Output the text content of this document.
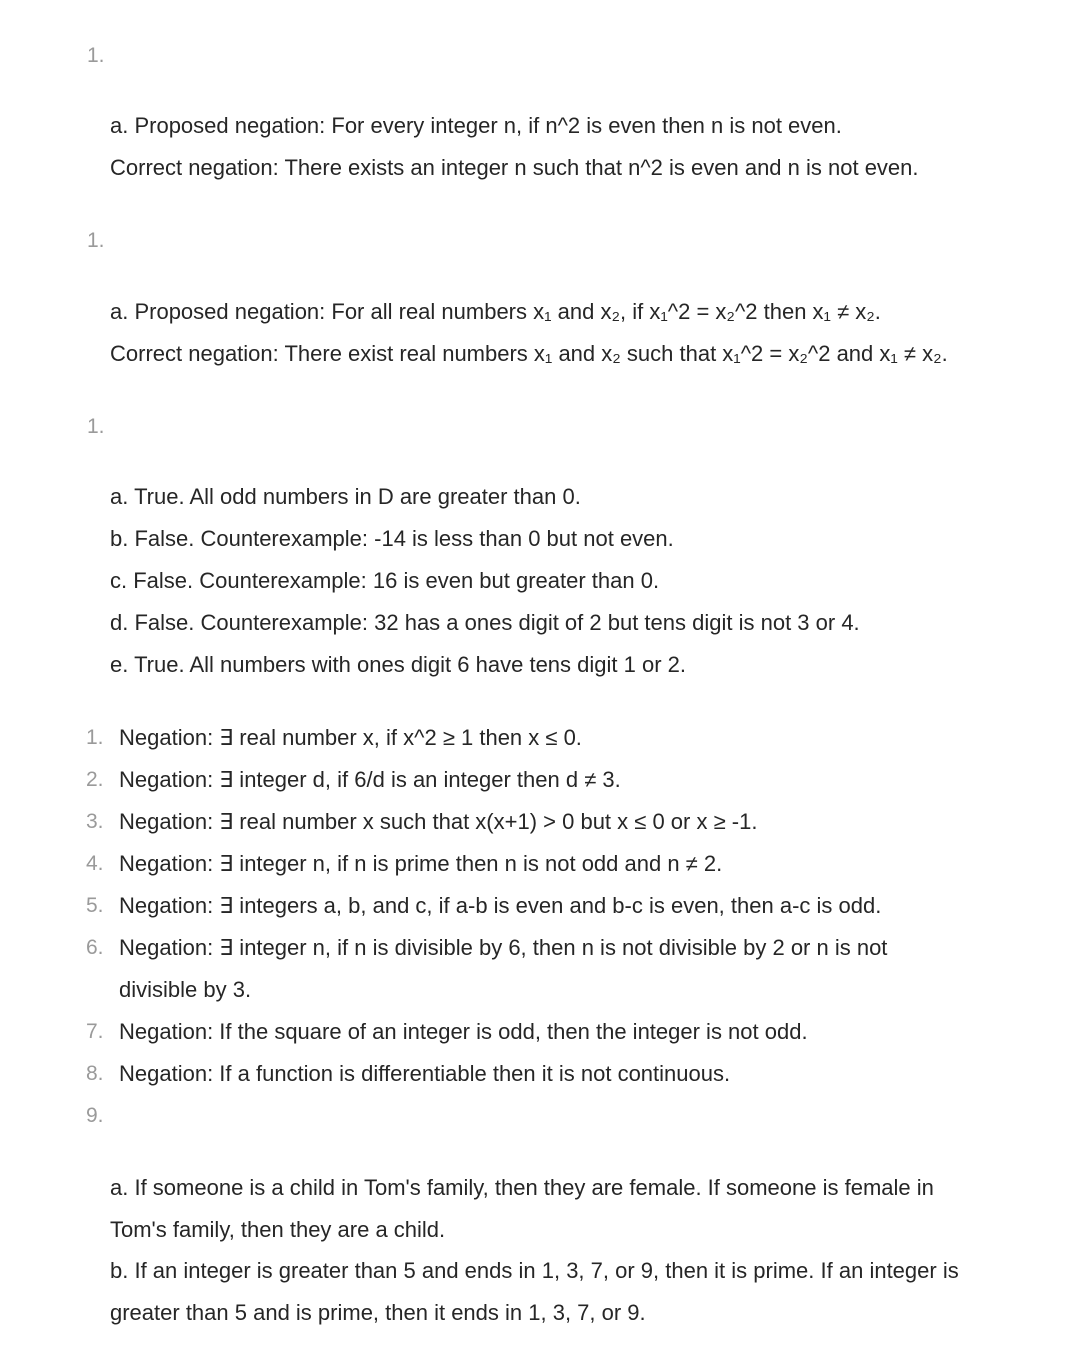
1.
a. Proposed negation: For every integer n, if n^2 is even then n is not even.
Correct negation: There exists an integer n such that n^2 is even and n is not even.
1.
a. Proposed negation: For all real numbers x₁ and x₂, if x₁^2 = x₂^2 then x₁ ≠ x₂.
Correct negation: There exist real numbers x₁ and x₂ such that x₁^2 = x₂^2 and x₁ ≠ x₂.
1.
a. True. All odd numbers in D are greater than 0.
b. False. Counterexample: -14 is less than 0 but not even.
c. False. Counterexample: 16 is even but greater than 0.
d. False. Counterexample: 32 has a ones digit of 2 but tens digit is not 3 or 4.
e. True. All numbers with ones digit 6 have tens digit 1 or 2.
1. Negation: ∃ real number x, if x^2 ≥ 1 then x ≤ 0.
2. Negation: ∃ integer d, if 6/d is an integer then d ≠ 3.
3. Negation: ∃ real number x such that x(x+1) > 0 but x ≤ 0 or x ≥ -1.
4. Negation: ∃ integer n, if n is prime then n is not odd and n ≠ 2.
5. Negation: ∃ integers a, b, and c, if a-b is even and b-c is even, then a-c is odd.
6. Negation: ∃ integer n, if n is divisible by 6, then n is not divisible by 2 or n is not
divisible by 3.
7. Negation: If the square of an integer is odd, then the integer is not odd.
8. Negation: If a function is differentiable then it is not continuous.
9.
a. If someone is a child in Tom's family, then they are female. If someone is female in
Tom's family, then they are a child.
b. If an integer is greater than 5 and ends in 1, 3, 7, or 9, then it is prime. If an integer is
greater than 5 and is prime, then it ends in 1, 3, 7, or 9.
